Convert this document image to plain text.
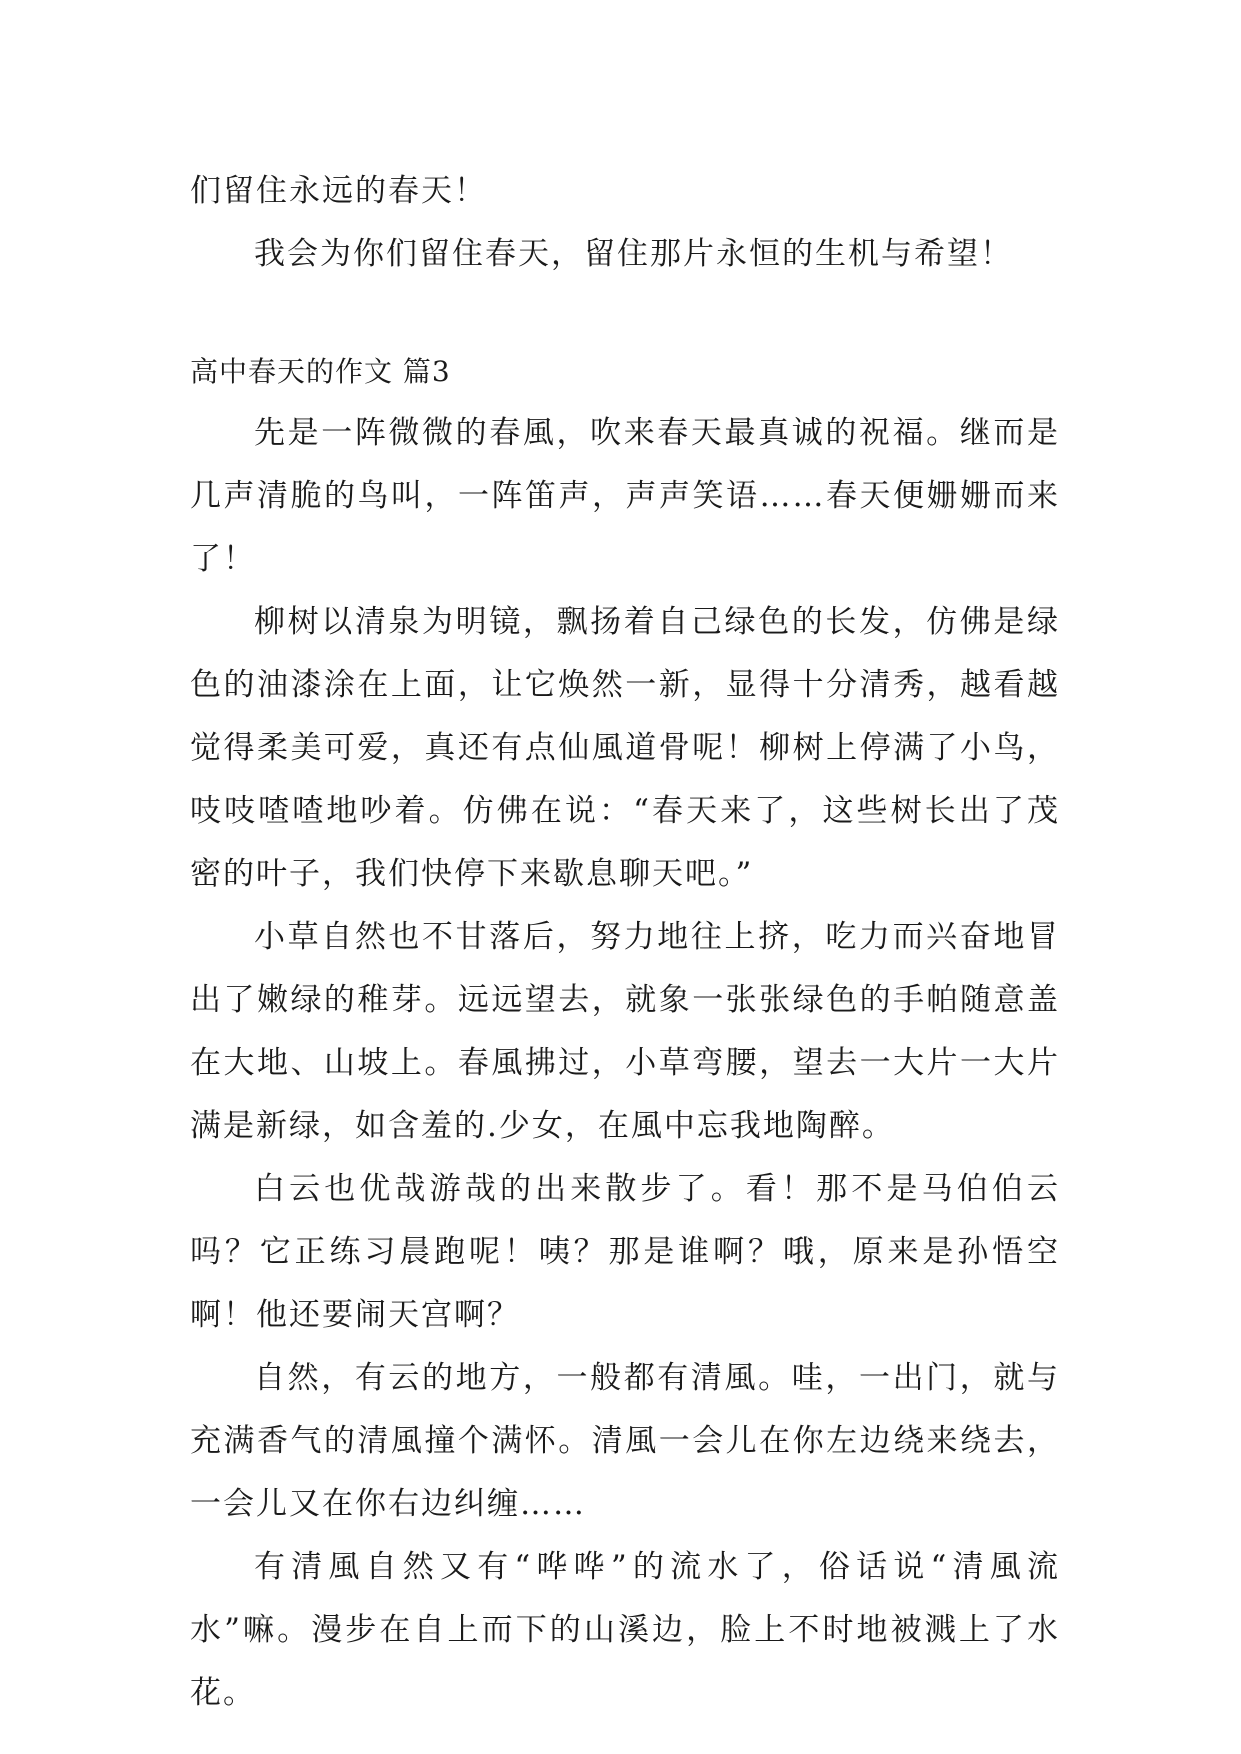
们留住永远的春天！

我会为你们留住春天，留住那片永恒的生机与希望！

高中春天的作文 篇3

先是一阵微微的春風，吹来春天最真诚的祝福。继而是几声清脆的鸟叫，一阵笛声，声声笑语……春天便姗姗而来了！

柳树以清泉为明镜，飘扬着自己绿色的长发，仿佛是绿色的油漆涂在上面，让它焕然一新，显得十分清秀，越看越觉得柔美可爱，真还有点仙風道骨呢！柳树上停满了小鸟，吱吱喳喳地吵着。仿佛在说：“春天来了，这些树长出了茂密的叶子，我们快停下来歇息聊天吧。”

小草自然也不甘落后，努力地往上挤，吃力而兴奋地冒出了嫩绿的稚芽。远远望去，就象一张张绿色的手帕随意盖在大地、山坡上。春風拂过，小草弯腰，望去一大片一大片满是新绿，如含羞的.少女，在風中忘我地陶醉。

白云也优哉游哉的出来散步了。看！那不是马伯伯云吗？它正练习晨跑呢！咦？那是谁啊？哦，原来是孙悟空啊！他还要闹天宫啊？

自然，有云的地方，一般都有清風。哇，一出门，就与充满香气的清風撞个满怀。清風一会儿在你左边绕来绕去，一会儿又在你右边纠缠……

有清風自然又有“哗哗”的流水了，俗话说“清風流水”嘛。漫步在自上而下的山溪边，脸上不时地被溅上了水花。
